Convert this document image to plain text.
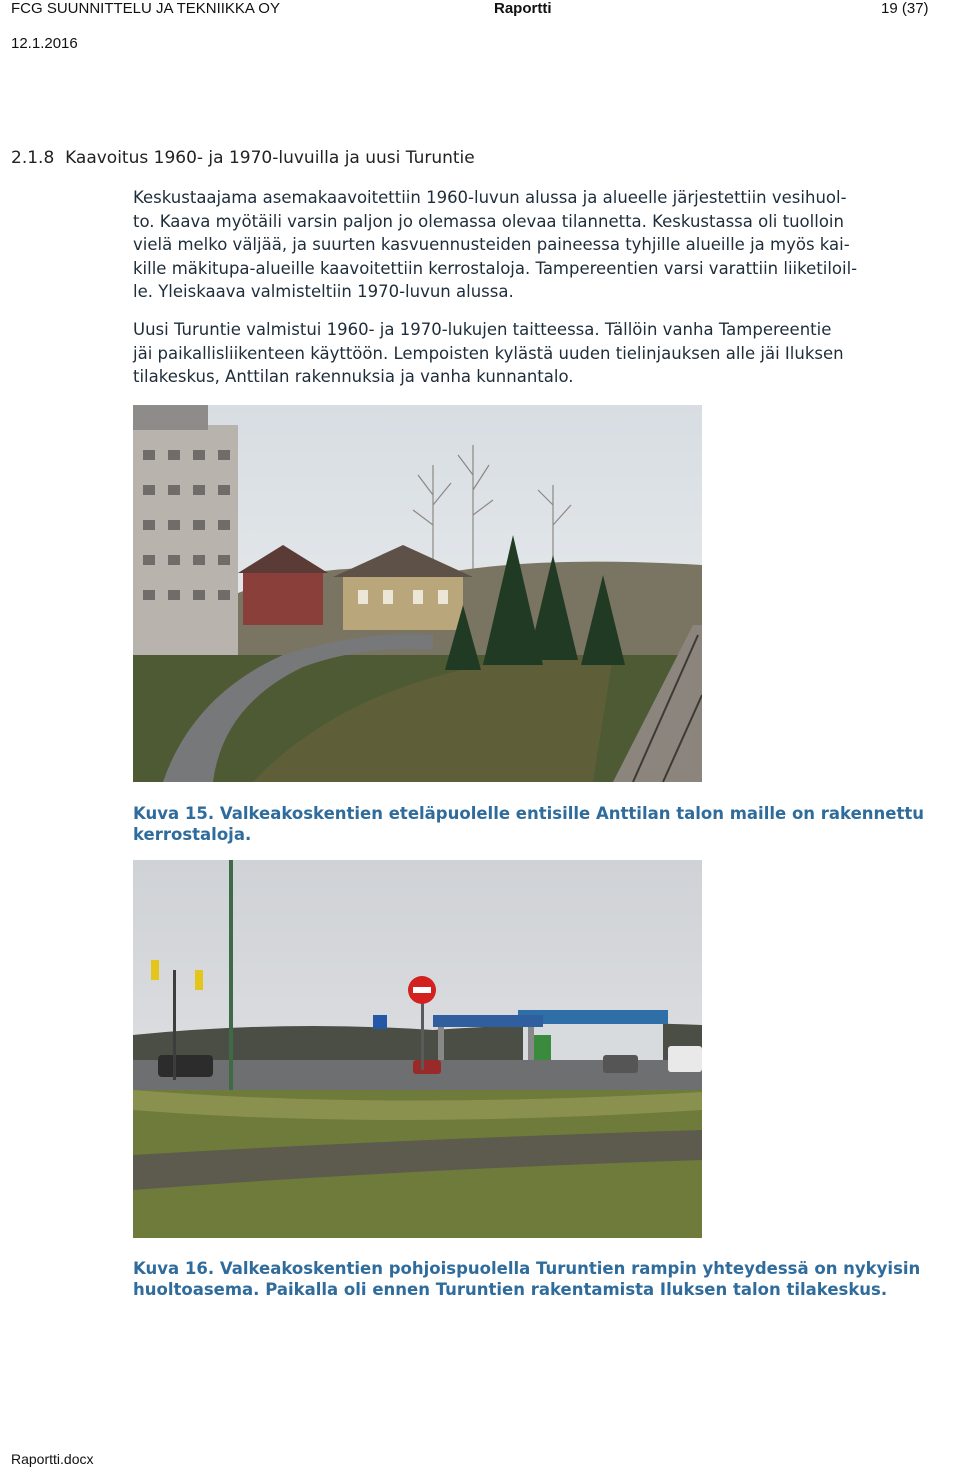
FCG SUUNNITTELU JA TEKNIIKKA OY	Raportti	19 (37)
12.1.2016
2.1.8  Kaavoitus 1960- ja 1970-luvuilla ja uusi Turuntie

Keskustaajama asemakaavoitettiin 1960-luvun alussa ja alueelle järjestettiin vesihuol-
to. Kaava myötäili varsin paljon jo olemassa olevaa tilannetta. Keskustassa oli tuolloin
vielä melko väljää, ja suurten kasvuennusteiden paineessa tyhjille alueille ja myös kai-
kille mäkitupa-alueille kaavoitettiin kerrostaloja. Tampereentien varsi varattiin liiketiloil-
le. Yleiskaava valmisteltiin 1970-luvun alussa.

Uusi Turuntie valmistui 1960- ja 1970-lukujen taitteessa. Tällöin vanha Tampereentie
jäi paikallisliikenteen käyttöön. Lempoisten kylästä uuden tielinjauksen alle jäi Iluksen
tilakeskus, Anttilan rakennuksia ja vanha kunnantalo.

Kuva 15. Valkeakoskentien eteläpuolelle entisille Anttilan talon maille on rakennettu
kerrostaloja.
Kuva 16. Valkeakoskentien pohjoispuolella Turuntien rampin yhteydessä on nykyisin
huoltoasema. Paikalla oli ennen Turuntien rakentamista Iluksen talon tilakeskus.
Raportti.docx
